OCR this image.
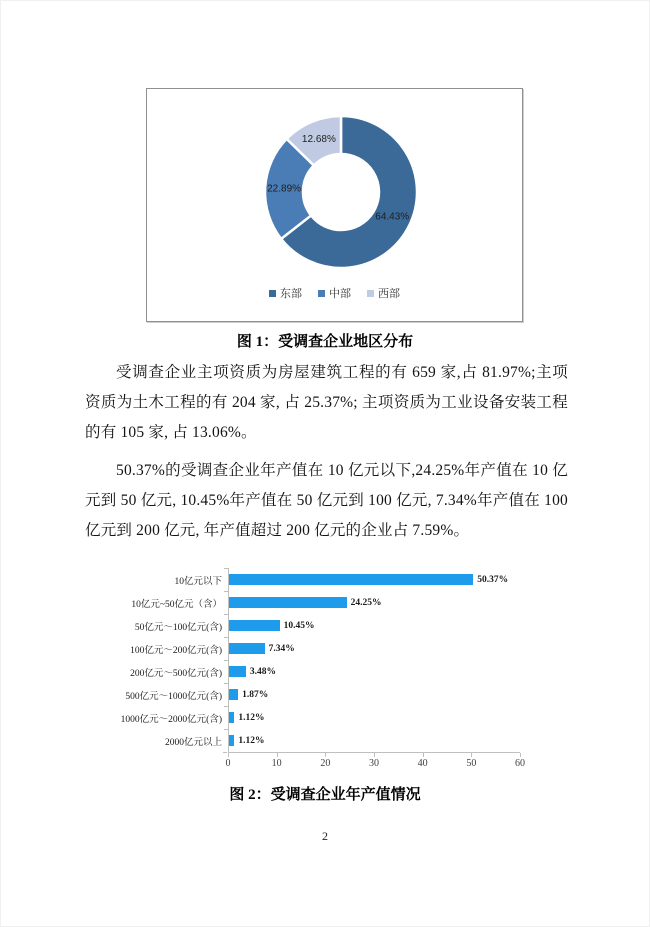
64.43%
22.89%
12.68%
东部 中部 西部
图 1：受调查企业地区分布

受调查企业主项资质为房屋建筑工程的有 659 家,占 81.97%;主项资质为土木工程的有 204 家, 占 25.37%; 主项资质为工业设备安装工程的有 105 家, 占 13.06%。

50.37%的受调查企业年产值在 10 亿元以下,24.25%年产值在 10 亿元到 50 亿元, 10.45%年产值在 50 亿元到 100 亿元, 7.34%年产值在 100 亿元到 200 亿元, 年产值超过 200 亿元的企业占 7.59%。

10亿元以下	50.37%
10亿元~50亿元（含）	24.25%
50亿元～100亿元(含)	10.45%
100亿元～200亿元(含)	7.34%
200亿元～500亿元(含)	3.48%
500亿元～1000亿元(含)	1.87%
1000亿元～2000亿元(含)	1.12%
2000亿元以上	1.12%
0	10	20	30	40	50	60
图 2：受调查企业年产值情况
2
